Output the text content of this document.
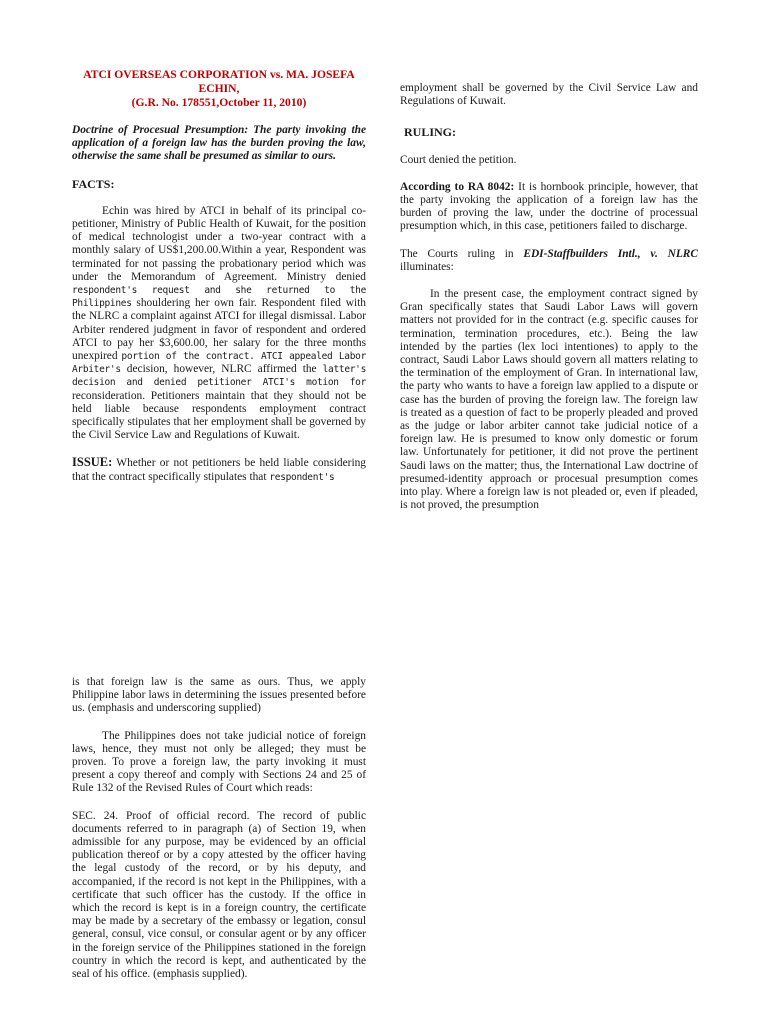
ATCI OVERSEAS CORPORATION vs. MA. JOSEFA ECHIN,
(G.R. No. 178551,October 11, 2010)

Doctrine of Procesual Presumption: The party invoking the application of a foreign law has the burden proving the law, otherwise the same shall be presumed as similar to ours.

FACTS:

Echin was hired by ATCI in behalf of its principal co-petitioner, Ministry of Public Health of Kuwait, for the position of medical technologist under a two-year contract with a monthly salary of US$1,200.00.Within a year, Respondent was terminated for not passing the probationary period which was under the Memorandum of Agreement. Ministry denied respondent's request and she returned to the Philippines shouldering her own fair. Respondent filed with the NLRC a complaint against ATCI for illegal dismissal. Labor Arbiter rendered judgment in favor of respondent and ordered ATCI to pay her $3,600.00, her salary for the three months unexpired portion of the contract. ATCI appealed Labor Arbiter's decision, however, NLRC affirmed the latter's decision and denied petitioner ATCI's motion for reconsideration. Petitioners maintain that they should not be held liable because respondents employment contract specifically stipulates that her employment shall be governed by the Civil Service Law and Regulations of Kuwait.

ISSUE: Whether or not petitioners be held liable considering that the contract specifically stipulates that respondent's

employment shall be governed by the Civil Service Law and Regulations of Kuwait.

RULING:

Court denied the petition.

According to RA 8042: It is hornbook principle, however, that the party invoking the application of a foreign law has the burden of proving the law, under the doctrine of processual presumption which, in this case, petitioners failed to discharge.

The Courts ruling in EDI-Staffbuilders Intl., v. NLRC illuminates:

In the present case, the employment contract signed by Gran specifically states that Saudi Labor Laws will govern matters not provided for in the contract (e.g. specific causes for termination, termination procedures, etc.). Being the law intended by the parties (lex loci intentiones) to apply to the contract, Saudi Labor Laws should govern all matters relating to the termination of the employment of Gran. In international law, the party who wants to have a foreign law applied to a dispute or case has the burden of proving the foreign law. The foreign law is treated as a question of fact to be properly pleaded and proved as the judge or labor arbiter cannot take judicial notice of a foreign law. He is presumed to know only domestic or forum law. Unfortunately for petitioner, it did not prove the pertinent Saudi laws on the matter; thus, the International Law doctrine of presumed-identity approach or procesual presumption comes into play. Where a foreign law is not pleaded or, even if pleaded, is not proved, the presumption

is that foreign law is the same as ours. Thus, we apply Philippine labor laws in determining the issues presented before us. (emphasis and underscoring supplied)

The Philippines does not take judicial notice of foreign laws, hence, they must not only be alleged; they must be proven. To prove a foreign law, the party invoking it must present a copy thereof and comply with Sections 24 and 25 of Rule 132 of the Revised Rules of Court which reads:

SEC. 24. Proof of official record. The record of public documents referred to in paragraph (a) of Section 19, when admissible for any purpose, may be evidenced by an official publication thereof or by a copy attested by the officer having the legal custody of the record, or by his deputy, and accompanied, if the record is not kept in the Philippines, with a certificate that such officer has the custody. If the office in which the record is kept is in a foreign country, the certificate may be made by a secretary of the embassy or legation, consul general, consul, vice consul, or consular agent or by any officer in the foreign service of the Philippines stationed in the foreign country in which the record is kept, and authenticated by the seal of his office. (emphasis supplied).
